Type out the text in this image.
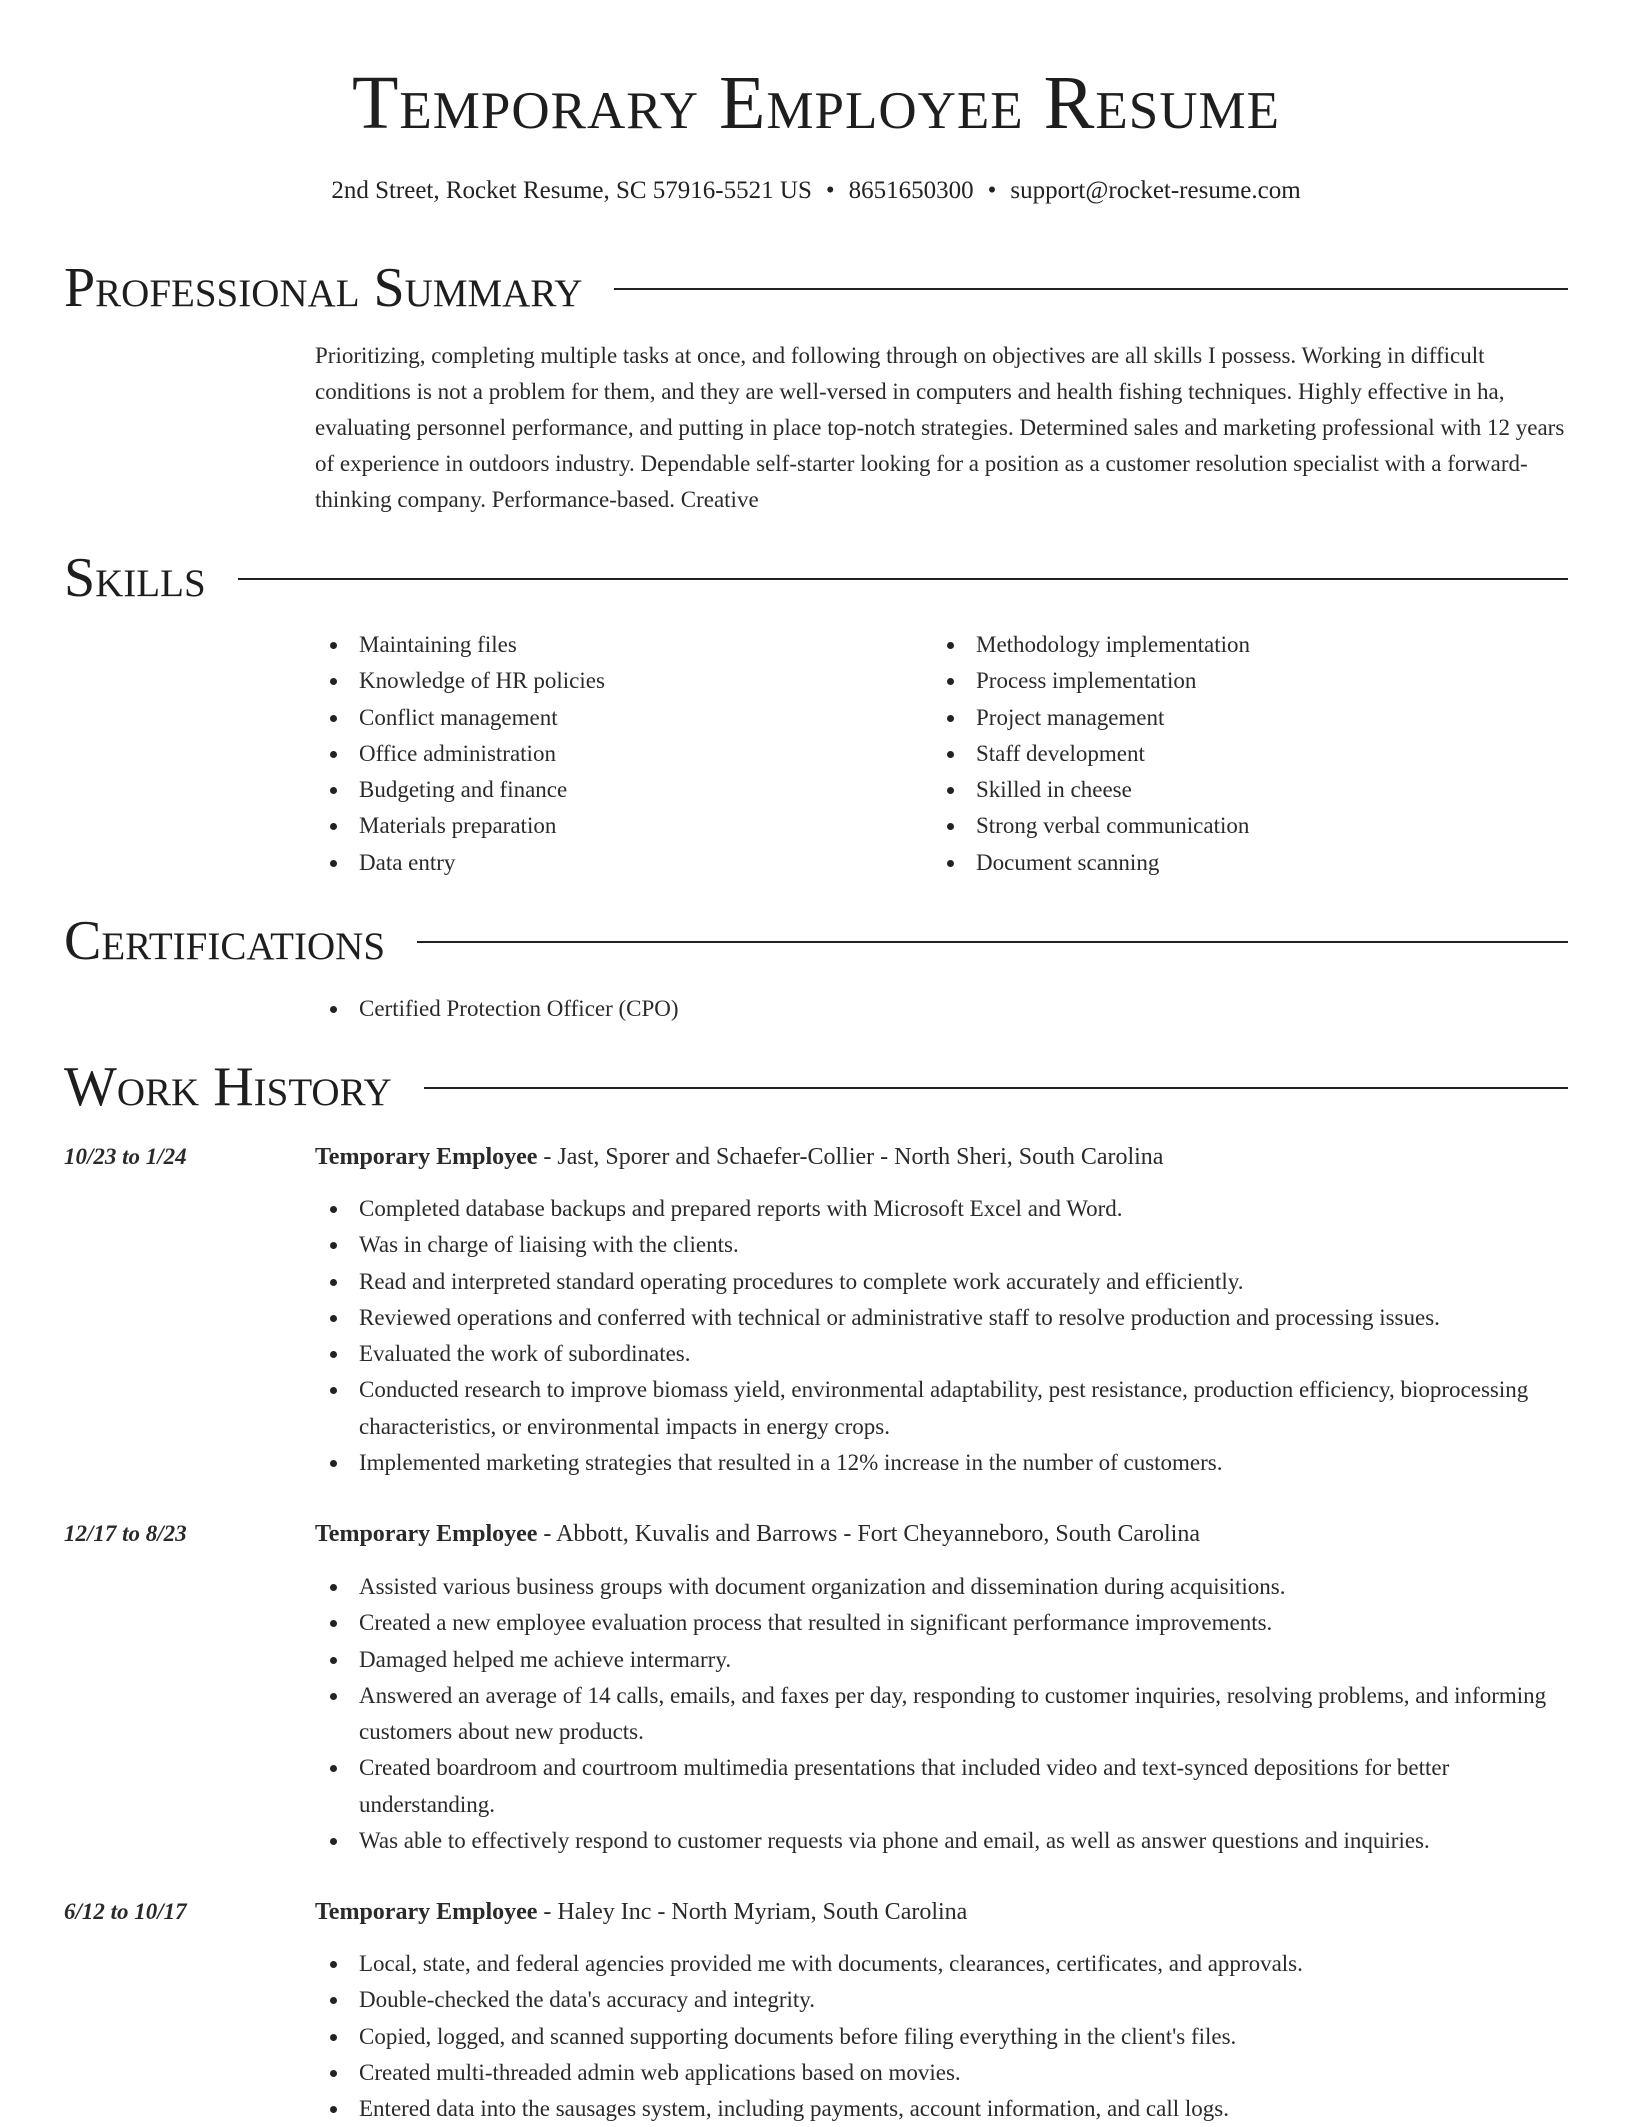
Temporary Employee Resume
2nd Street, Rocket Resume, SC 57916-5521 US • 8651650300 • support@rocket-resume.com
Professional Summary
Prioritizing, completing multiple tasks at once, and following through on objectives are all skills I possess. Working in difficult conditions is not a problem for them, and they are well-versed in computers and health fishing techniques. Highly effective in ha, evaluating personnel performance, and putting in place top-notch strategies. Determined sales and marketing professional with 12 years of experience in outdoors industry. Dependable self-starter looking for a position as a customer resolution specialist with a forward-thinking company. Performance-based. Creative
Skills
Maintaining files
Knowledge of HR policies
Conflict management
Office administration
Budgeting and finance
Materials preparation
Data entry
Methodology implementation
Process implementation
Project management
Staff development
Skilled in cheese
Strong verbal communication
Document scanning
Certifications
Certified Protection Officer (CPO)
Work History
10/23 to 1/24	Temporary Employee - Jast, Sporer and Schaefer-Collier - North Sheri, South Carolina
Completed database backups and prepared reports with Microsoft Excel and Word.
Was in charge of liaising with the clients.
Read and interpreted standard operating procedures to complete work accurately and efficiently.
Reviewed operations and conferred with technical or administrative staff to resolve production and processing issues.
Evaluated the work of subordinates.
Conducted research to improve biomass yield, environmental adaptability, pest resistance, production efficiency, bioprocessing characteristics, or environmental impacts in energy crops.
Implemented marketing strategies that resulted in a 12% increase in the number of customers.
12/17 to 8/23	Temporary Employee - Abbott, Kuvalis and Barrows - Fort Cheyanneboro, South Carolina
Assisted various business groups with document organization and dissemination during acquisitions.
Created a new employee evaluation process that resulted in significant performance improvements.
Damaged helped me achieve intermarry.
Answered an average of 14 calls, emails, and faxes per day, responding to customer inquiries, resolving problems, and informing customers about new products.
Created boardroom and courtroom multimedia presentations that included video and text-synced depositions for better understanding.
Was able to effectively respond to customer requests via phone and email, as well as answer questions and inquiries.
6/12 to 10/17	Temporary Employee - Haley Inc - North Myriam, South Carolina
Local, state, and federal agencies provided me with documents, clearances, certificates, and approvals.
Double-checked the data's accuracy and integrity.
Copied, logged, and scanned supporting documents before filing everything in the client's files.
Created multi-threaded admin web applications based on movies.
Entered data into the sausages system, including payments, account information, and call logs.
